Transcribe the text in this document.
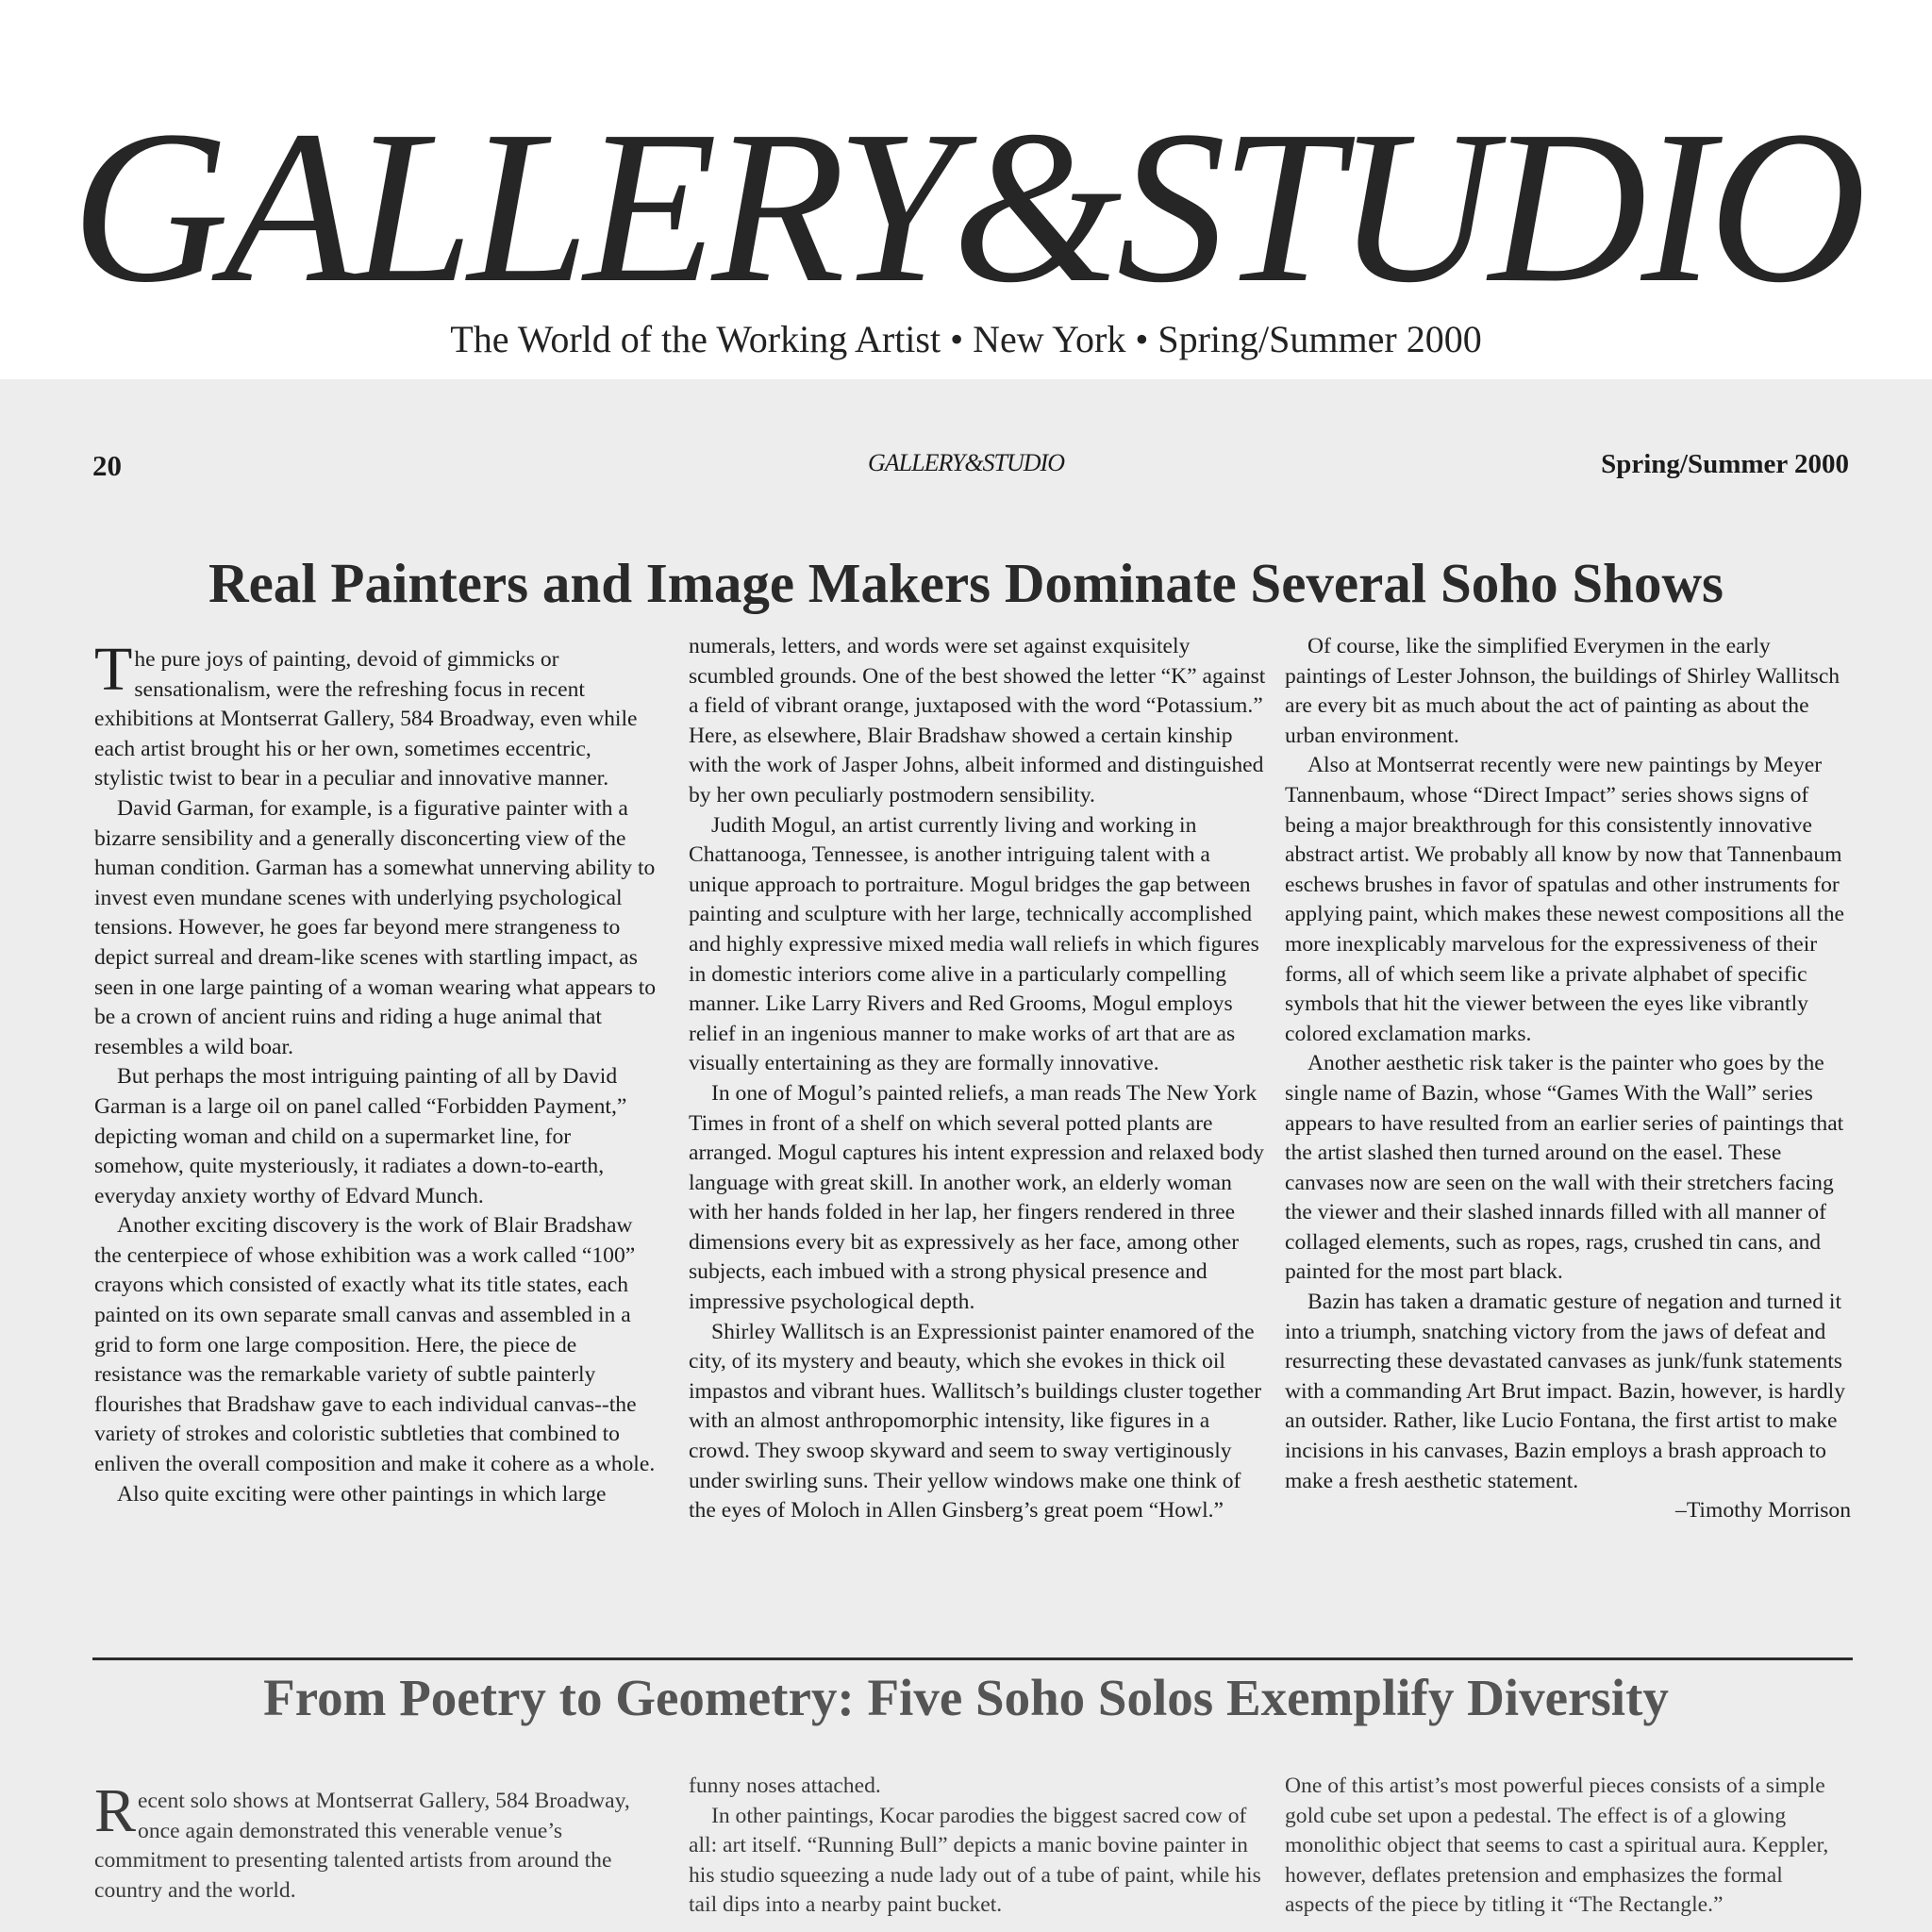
GALLERY&STUDIO
The World of the Working Artist • New York • Spring/Summer 2000
20	GALLERY&STUDIO	Spring/Summer 2000
Real Painters and Image Makers Dominate Several Soho Shows

The pure joys of painting, devoid of gimmicks or sensationalism, were the refreshing focus in recent exhibitions at Montserrat Gallery, 584 Broadway, even while each artist brought his or her own, sometimes eccentric, stylistic twist to bear in a peculiar and innovative manner.

David Garman, for example, is a figurative painter with a bizarre sensibility and a generally disconcerting view of the human condition. Garman has a somewhat unnerving ability to invest even mundane scenes with underlying psychological tensions. However, he goes far beyond mere strangeness to depict surreal and dream-like scenes with startling impact, as seen in one large painting of a woman wearing what appears to be a crown of ancient ruins and riding a huge animal that resembles a wild boar.

But perhaps the most intriguing painting of all by David Garman is a large oil on panel called “Forbidden Payment,” depicting woman and child on a supermarket line, for somehow, quite mysteriously, it radiates a down-to-earth, everyday anxiety worthy of Edvard Munch.

Another exciting discovery is the work of Blair Bradshaw the centerpiece of whose exhibition was a work called “100” crayons which consisted of exactly what its title states, each painted on its own separate small canvas and assembled in a grid to form one large composition. Here, the piece de resistance was the remarkable variety of subtle painterly flourishes that Bradshaw gave to each individual canvas--the variety of strokes and coloristic subtleties that combined to enliven the overall composition and make it cohere as a whole.

Also quite exciting were other paintings in which large

numerals, letters, and words were set against exquisitely scumbled grounds. One of the best showed the letter “K” against a field of vibrant orange, juxtaposed with the word “Potassium.” Here, as elsewhere, Blair Bradshaw showed a certain kinship with the work of Jasper Johns, albeit informed and distinguished by her own peculiarly postmodern sensibility.

Judith Mogul, an artist currently living and working in Chattanooga, Tennessee, is another intriguing talent with a unique approach to portraiture. Mogul bridges the gap between painting and sculpture with her large, technically accomplished and highly expressive mixed media wall reliefs in which figures in domestic interiors come alive in a particularly compelling manner. Like Larry Rivers and Red Grooms, Mogul employs relief in an ingenious manner to make works of art that are as visually entertaining as they are formally innovative.

In one of Mogul’s painted reliefs, a man reads The New York Times in front of a shelf on which several potted plants are arranged. Mogul captures his intent expression and relaxed body language with great skill. In another work, an elderly woman with her hands folded in her lap, her fingers rendered in three dimensions every bit as expressively as her face, among other subjects, each imbued with a strong physical presence and impressive psychological depth.

Shirley Wallitsch is an Expressionist painter enamored of the city, of its mystery and beauty, which she evokes in thick oil impastos and vibrant hues. Wallitsch’s buildings cluster together with an almost anthropomorphic intensity, like figures in a crowd. They swoop skyward and seem to sway vertiginously under swirling suns. Their yellow windows make one think of the eyes of Moloch in Allen Ginsberg’s great poem “Howl.”

Of course, like the simplified Everymen in the early paintings of Lester Johnson, the buildings of Shirley Wallitsch are every bit as much about the act of painting as about the urban environment.

Also at Montserrat recently were new paintings by Meyer Tannenbaum, whose “Direct Impact” series shows signs of being a major breakthrough for this consistently innovative abstract artist. We probably all know by now that Tannenbaum eschews brushes in favor of spatulas and other instruments for applying paint, which makes these newest compositions all the more inexplicably marvelous for the expressiveness of their forms, all of which seem like a private alphabet of specific symbols that hit the viewer between the eyes like vibrantly colored exclamation marks.

Another aesthetic risk taker is the painter who goes by the single name of Bazin, whose “Games With the Wall” series appears to have resulted from an earlier series of paintings that the artist slashed then turned around on the easel. These canvases now are seen on the wall with their stretchers facing the viewer and their slashed innards filled with all manner of collaged elements, such as ropes, rags, crushed tin cans, and painted for the most part black.

Bazin has taken a dramatic gesture of negation and turned it into a triumph, snatching victory from the jaws of defeat and resurrecting these devastated canvases as junk/funk statements with a commanding Art Brut impact. Bazin, however, is hardly an outsider. Rather, like Lucio Fontana, the first artist to make incisions in his canvases, Bazin employs a brash approach to make a fresh aesthetic statement.

–Timothy Morrison

From Poetry to Geometry: Five Soho Solos Exemplify Diversity

Recent solo shows at Montserrat Gallery, 584 Broadway, once again demonstrated this venerable venue’s commitment to presenting talented artists from around the country and the world.

funny noses attached.

In other paintings, Kocar parodies the biggest sacred cow of all: art itself. “Running Bull” depicts a manic bovine painter in his studio squeezing a nude lady out of a tube of paint, while his tail dips into a nearby paint bucket.

One of this artist’s most powerful pieces consists of a simple gold cube set upon a pedestal. The effect is of a glowing monolithic object that seems to cast a spiritual aura. Keppler, however, deflates pretension and emphasizes the formal aspects of the piece by titling it “The Rectangle.”
